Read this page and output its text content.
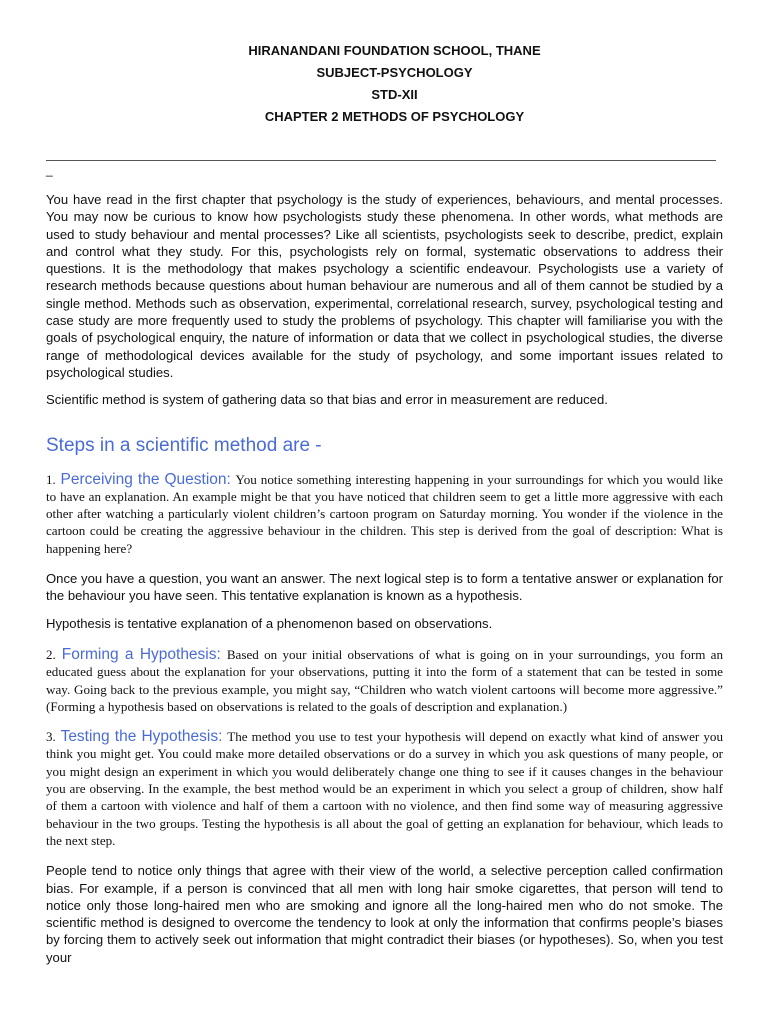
HIRANANDANI FOUNDATION SCHOOL, THANE
SUBJECT-PSYCHOLOGY
STD-XII
CHAPTER 2 METHODS OF PSYCHOLOGY
_

You have read in the first chapter that psychology is the study of experiences, behaviours, and mental processes. You may now be curious to know how psychologists study these phenomena. In other words, what methods are used to study behaviour and mental processes? Like all scientists, psychologists seek to describe, predict, explain and control what they study. For this, psychologists rely on formal, systematic observations to address their questions. It is the methodology that makes psychology a scientific endeavour. Psychologists use a variety of research methods because questions about human behaviour are numerous and all of them cannot be studied by a single method. Methods such as observation, experimental, correlational research, survey, psychological testing and case study are more frequently used to study the problems of psychology. This chapter will familiarise you with the goals of psychological enquiry, the nature of information or data that we collect in psychological studies, the diverse range of methodological devices available for the study of psychology, and some important issues related to psychological studies.

Scientific method is system of gathering data so that bias and error in measurement are reduced.

Steps in a scientific method are -

1. Perceiving the Question: You notice something interesting happening in your surroundings for which you would like to have an explanation. An example might be that you have noticed that children seem to get a little more aggressive with each other after watching a particularly violent children’s cartoon program on Saturday morning. You wonder if the violence in the cartoon could be creating the aggressive behaviour in the children. This step is derived from the goal of description: What is happening here?

Once you have a question, you want an answer. The next logical step is to form a tentative answer or explanation for the behaviour you have seen. This tentative explanation is known as a hypothesis.

Hypothesis is tentative explanation of a phenomenon based on observations.

2. Forming a Hypothesis: Based on your initial observations of what is going on in your surroundings, you form an educated guess about the explanation for your observations, putting it into the form of a statement that can be tested in some way. Going back to the previous example, you might say, “Children who watch violent cartoons will become more aggressive.” (Forming a hypothesis based on observations is related to the goals of description and explanation.)

3. Testing the Hypothesis: The method you use to test your hypothesis will depend on exactly what kind of answer you think you might get. You could make more detailed observations or do a survey in which you ask questions of many people, or you might design an experiment in which you would deliberately change one thing to see if it causes changes in the behaviour you are observing. In the example, the best method would be an experiment in which you select a group of children, show half of them a cartoon with violence and half of them a cartoon with no violence, and then find some way of measuring aggressive behaviour in the two groups. Testing the hypothesis is all about the goal of getting an explanation for behaviour, which leads to the next step.

People tend to notice only things that agree with their view of the world, a selective perception called confirmation bias. For example, if a person is convinced that all men with long hair smoke cigarettes, that person will tend to notice only those long-haired men who are smoking and ignore all the long-haired men who do not smoke. The scientific method is designed to overcome the tendency to look at only the information that confirms people’s biases by forcing them to actively seek out information that might contradict their biases (or hypotheses). So, when you test your
